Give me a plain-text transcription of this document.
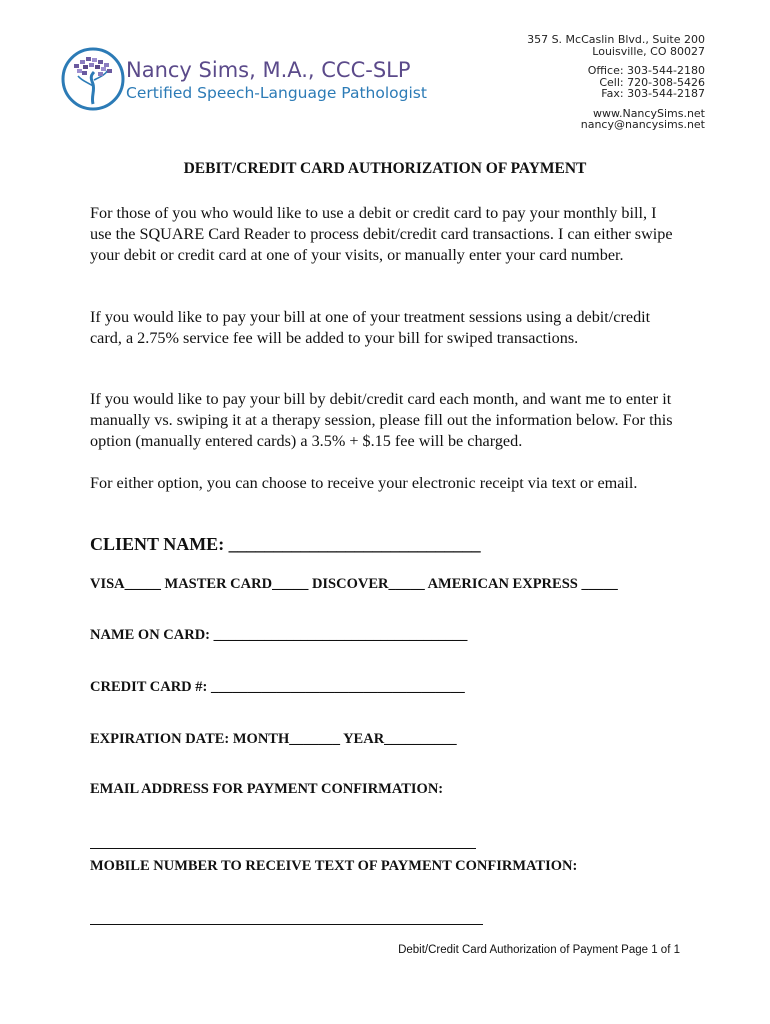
Nancy Sims, M.A., CCC-SLP
Certified Speech-Language Pathologist
357 S. McCaslin Blvd., Suite 200
Louisville, CO 80027
Office: 303-544-2180
Cell: 720-308-5426
Fax: 303-544-2187
www.NancySims.net
nancy@nancysims.net
DEBIT/CREDIT CARD AUTHORIZATION OF PAYMENT

For those of you who would like to use a debit or credit card to pay your monthly bill, I use the SQUARE Card Reader to process debit/credit card transactions. I can either swipe your debit or credit card at one of your visits, or manually enter your card number.

If you would like to pay your bill at one of your treatment sessions using a debit/credit card, a 2.75% service fee will be added to your bill for swiped transactions.

If you would like to pay your bill by debit/credit card each month, and want me to enter it manually vs. swiping it at a therapy session, please fill out the information below. For this option (manually entered cards) a 3.5% + $.15 fee will be charged.

For either option, you can choose to receive your electronic receipt via text or email.

CLIENT NAME: ____________________________
VISA_____ MASTER CARD_____ DISCOVER_____ AMERICAN EXPRESS _____
NAME ON CARD: ___________________________________
CREDIT CARD #: ___________________________________
EXPIRATION DATE: MONTH_______ YEAR__________
EMAIL ADDRESS FOR PAYMENT CONFIRMATION:
MOBILE NUMBER TO RECEIVE TEXT OF PAYMENT CONFIRMATION:
Debit/Credit Card Authorization of Payment Page 1 of 1
